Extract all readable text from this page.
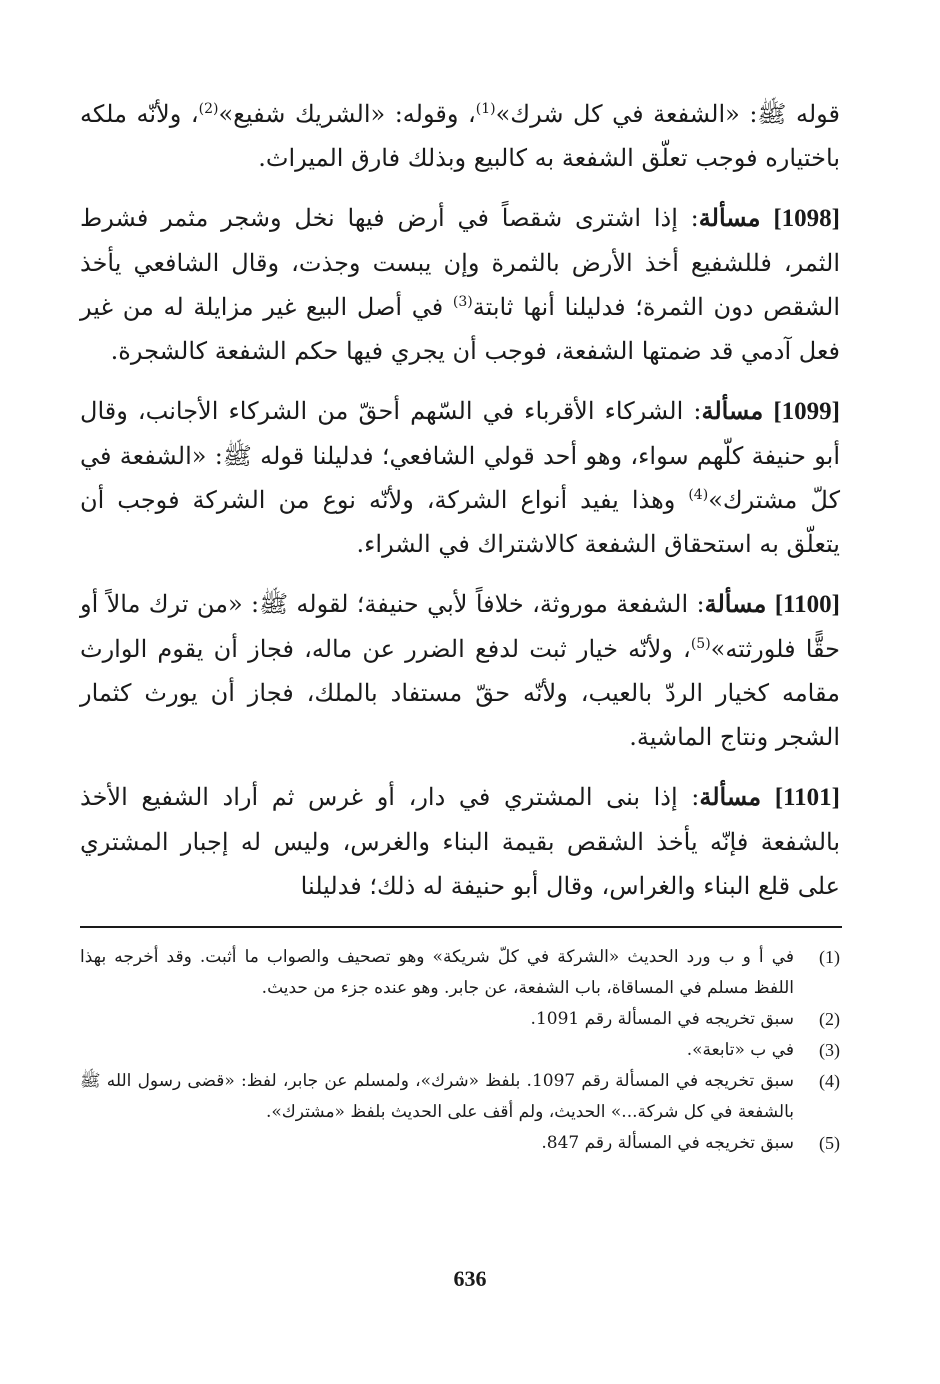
قوله ﷺ: «الشفعة في كل شرك»$^{(1)}$، وقوله: «الشريك شفيع»$^{(2)}$، ولأنّه ملكه باختياره فوجب تعلّق الشفعة به كالبيع وبذلك فارق الميراث.

[1098] مسألة: إذا اشترى شقصاً في أرض فيها نخل وشجر مثمر فشرط الثمر، فللشفيع أخذ الأرض بالثمرة وإن يبست وجذت، وقال الشافعي يأخذ الشقص دون الثمرة؛ فدليلنا أنها ثابتة$^{(3)}$ في أصل البيع غير مزايلة له من غير فعل آدمي قد ضمتها الشفعة، فوجب أن يجري فيها حكم الشفعة كالشجرة.

[1099] مسألة: الشركاء الأقرباء في السّهم أحقّ من الشركاء الأجانب، وقال أبو حنيفة كلّهم سواء، وهو أحد قولي الشافعي؛ فدليلنا قوله ﷺ: «الشفعة في كلّ مشترك»$^{(4)}$ وهذا يفيد أنواع الشركة، ولأنّه نوع من الشركة فوجب أن يتعلّق به استحقاق الشفعة كالاشتراك في الشراء.

[1100] مسألة: الشفعة موروثة، خلافاً لأبي حنيفة؛ لقوله ﷺ: «من ترك مالاً أو حقًّا فلورثته»$^{(5)}$، ولأنّه خيار ثبت لدفع الضرر عن ماله، فجاز أن يقوم الوارث مقامه كخيار الردّ بالعيب، ولأنّه حقّ مستفاد بالملك، فجاز أن يورث كثمار الشجر ونتاج الماشية.

[1101] مسألة: إذا بنى المشتري في دار، أو غرس ثم أراد الشفيع الأخذ بالشفعة فإنّه يأخذ الشقص بقيمة البناء والغرس، وليس له إجبار المشتري على قلع البناء والغراس، وقال أبو حنيفة له ذلك؛ فدليلنا

(1)
في أ و ب ورد الحديث «الشركة في كلّ شريكة» وهو تصحيف والصواب ما أثبت. وقد أخرجه بهذا اللفظ مسلم في المساقاة، باب الشفعة، عن جابر. وهو عنده جزء من حديث.
(2)
سبق تخريجه في المسألة رقم 1091.
(3)
في ب «تابعة».
(4)
سبق تخريجه في المسألة رقم 1097. بلفظ «شرك»، ولمسلم عن جابر، لفظ: «قضى رسول الله ﷺ بالشفعة في كل شركة...» الحديث، ولم أقف على الحديث بلفظ «مشترك».
(5)
سبق تخريجه في المسألة رقم 847.
636
